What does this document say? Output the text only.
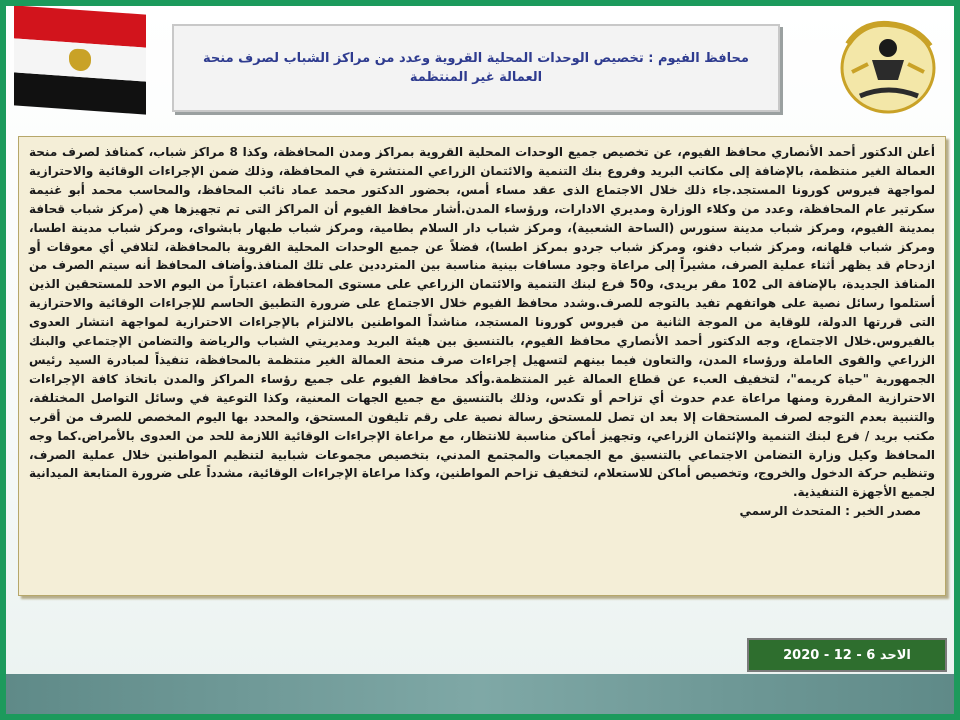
محافظ الفيوم : تخصيص الوحدات المحلية القروية وعدد من مراكز الشباب لصرف منحة العمالة غير المنتظمة

أعلن الدكتور أحمد الأنصاري محافظ الفيوم، عن تخصيص جميع الوحدات المحلية القروية بمراكز ومدن المحافظة، وكذا 8 مراكز شباب، كمنافذ لصرف منحة العمالة الغير منتظمة، بالإضافة إلى مكاتب البريد وفروع بنك التنمية والائتمان الزراعي المنتشرة في المحافظة، وذلك ضمن الإجراءات الوقائية والاحترازية لمواجهة فيروس كورونا المستجد.جاء ذلك خلال الاجتماع الذى عقد مساء أمس، بحضور الدكتور محمد عماد نائب المحافظ، والمحاسب محمد أبو غنيمة سكرتير عام المحافظة، وعدد من وكلاء الوزارة ومديري الادارات، ورؤساء المدن.أشار محافظ الفيوم أن المراكز التى تم تجهيزها هي (مركز شباب قحافة بمدينة الفيوم، ومركز شباب مدينة سنورس (الساحة الشعبية)، ومركز شباب دار السلام بطامية، ومركز شباب طبهار بابشواى، ومركز شباب مدينة اطسا، ومركز شباب قلهانه، ومركز شباب دفنو، ومركز شباب جردو بمركز اطسا)، فضلاً عن جميع الوحدات المحلية القروية بالمحافظة، لتلافي أي معوقات أو ازدحام قد يظهر أثناء عملية الصرف، مشيراً إلى مراعاة وجود مسافات بينية مناسبة بين المترددين على تلك المنافذ.وأضاف المحافظ أنه سيتم الصرف من المنافذ الجديدة، بالإضافة الى 102 مقر بريدى، و50 فرع لبنك التنمية والائتمان الزراعي على مستوى المحافظة، اعتباراً من اليوم الاحد للمستحقين الذين أستلموا رسائل نصية على هواتفهم تفيد بالتوجه للصرف.وشدد محافظ الفيوم خلال الاجتماع على ضرورة التطبيق الحاسم للإجراءات الوقائية والاحترازية التى قررتها الدولة، للوقاية من الموجة الثانية من فيروس كورونا المستجد، مناشداً المواطنين بالالتزام بالإجراءات الاحترازية لمواجهة انتشار العدوى بالفيروس.خلال الاجتماع، وجه الدكتور أحمد الأنصاري محافظ الفيوم، بالتنسيق بين هيئة البريد ومديريتي الشباب والرياضة والتضامن الإجتماعي والبنك الزراعي والقوى العاملة ورؤساء المدن، والتعاون فيما بينهم لتسهيل إجراءات صرف منحة العمالة الغير منتظمة بالمحافظة، تنفيذاً لمبادرة السيد رئيس الجمهورية "حياة كريمه"، لتخفيف العبء عن قطاع العمالة غير المنتظمة.وأكد محافظ الفيوم على جميع رؤساء المراكز والمدن باتخاذ كافة الإجراءات الاحترازية المقررة ومنها مراعاة عدم حدوث أي تزاحم أو تكدس، وذلك بالتنسيق مع جميع الجهات المعنية، وكذا التوعية في وسائل التواصل المختلفة، والتنبية بعدم التوجه لصرف المستحقات إلا بعد ان تصل للمستحق رسالة نصية على رقم تليفون المستحق، والمحدد بها اليوم المخصص للصرف من أقرب مكتب بريد / فرع لبنك التنمية والإئتمان الزراعي، وتجهيز أماكن مناسبة للانتظار، مع مراعاة الإجراءات الوقائية اللازمة للحد من العدوى بالأمراض.كما وجه المحافظ وكيل وزارة التضامن الاجتماعي بالتنسيق مع الجمعيات والمجتمع المدني، بتخصيص مجموعات شبابية لتنظيم المواطنين خلال عملية الصرف، وتنظيم حركة الدخول والخروج، وتخصيص أماكن للاستعلام، لتخفيف تزاحم المواطنين، وكذا مراعاة الإجراءات الوقائية، مشدداً على ضرورة المتابعة الميدانية لجميع الأجهزة التنفيذية.

مصدر الخبر : المتحدث الرسمي

الاحد 6 - 12 - 2020
